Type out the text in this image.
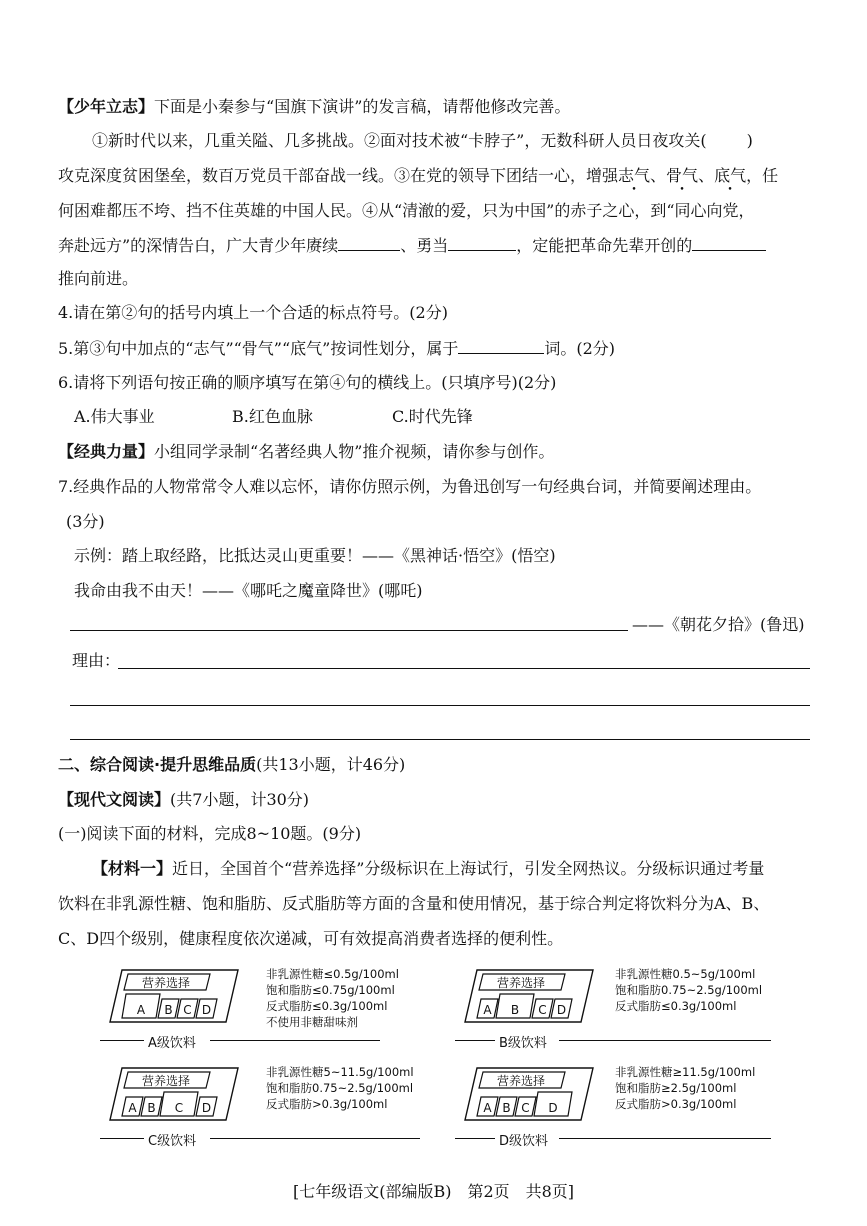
【少年立志】下面是小秦参与“国旗下演讲”的发言稿，请帮他修改完善。
①新时代以来，几重关隘、几多挑战。②面对技术被“卡脖子”，无数科研人员日夜攻关(	)
攻克深度贫困堡垒，数百万党员干部奋战一线。③在党的领导下团结一心，增强志气、骨气、底气，任
何困难都压不垮、挡不住英雄的中国人民。④从“清澈的爱，只为中国”的赤子之心，到“同心向党，
奔赴远方”的深情告白，广大青少年赓续	、勇当	，定能把革命先辈开创的
推向前进。
4.请在第②句的括号内填上一个合适的标点符号。(2分)
5.第③句中加点的“志气”“骨气”“底气”按词性划分，属于	词。(2分)
6.请将下列语句按正确的顺序填写在第④句的横线上。(只填序号)(2分)
A.伟大事业	B.红色血脉	C.时代先锋
【经典力量】小组同学录制“名著经典人物”推介视频，请你参与创作。
7.经典作品的人物常常令人难以忘怀，请你仿照示例，为鲁迅创写一句经典台词，并简要阐述理由。
(3分)
示例：踏上取经路，比抵达灵山更重要！——《黑神话·悟空》(悟空)
我命由我不由天！——《哪吒之魔童降世》(哪吒)
——《朝花夕拾》(鲁迅)
理由：
二、综合阅读·提升思维品质(共13小题，计46分)
【现代文阅读】(共7小题，计30分)
(一)阅读下面的材料，完成8~10题。(9分)
【材料一】近日，全国首个“营养选择”分级标识在上海试行，引发全网热议。分级标识通过考量
饮料在非乳源性糖、饱和脂肪、反式脂肪等方面的含量和使用情况，基于综合判定将饮料分为A、B、
C、D四个级别，健康程度依次递减，可有效提高消费者选择的便利性。
营养选择
A B C D
非乳源性糖≤0.5g/100ml
饱和脂肪≤0.75g/100ml
反式脂肪≤0.3g/100ml
不使用非糖甜味剂
A级饮料
营养选择
A B C D
非乳源性糖0.5~5g/100ml
饱和脂肪0.75~2.5g/100ml
反式脂肪≤0.3g/100ml
B级饮料
营养选择
A B C D
非乳源性糖5~11.5g/100ml
饱和脂肪0.75~2.5g/100ml
反式脂肪>0.3g/100ml
C级饮料
营养选择
A B C D
非乳源性糖≥11.5g/100ml
饱和脂肪≥2.5g/100ml
反式脂肪>0.3g/100ml
D级饮料
[七年级语文(部编版B)　第2页　共8页]
